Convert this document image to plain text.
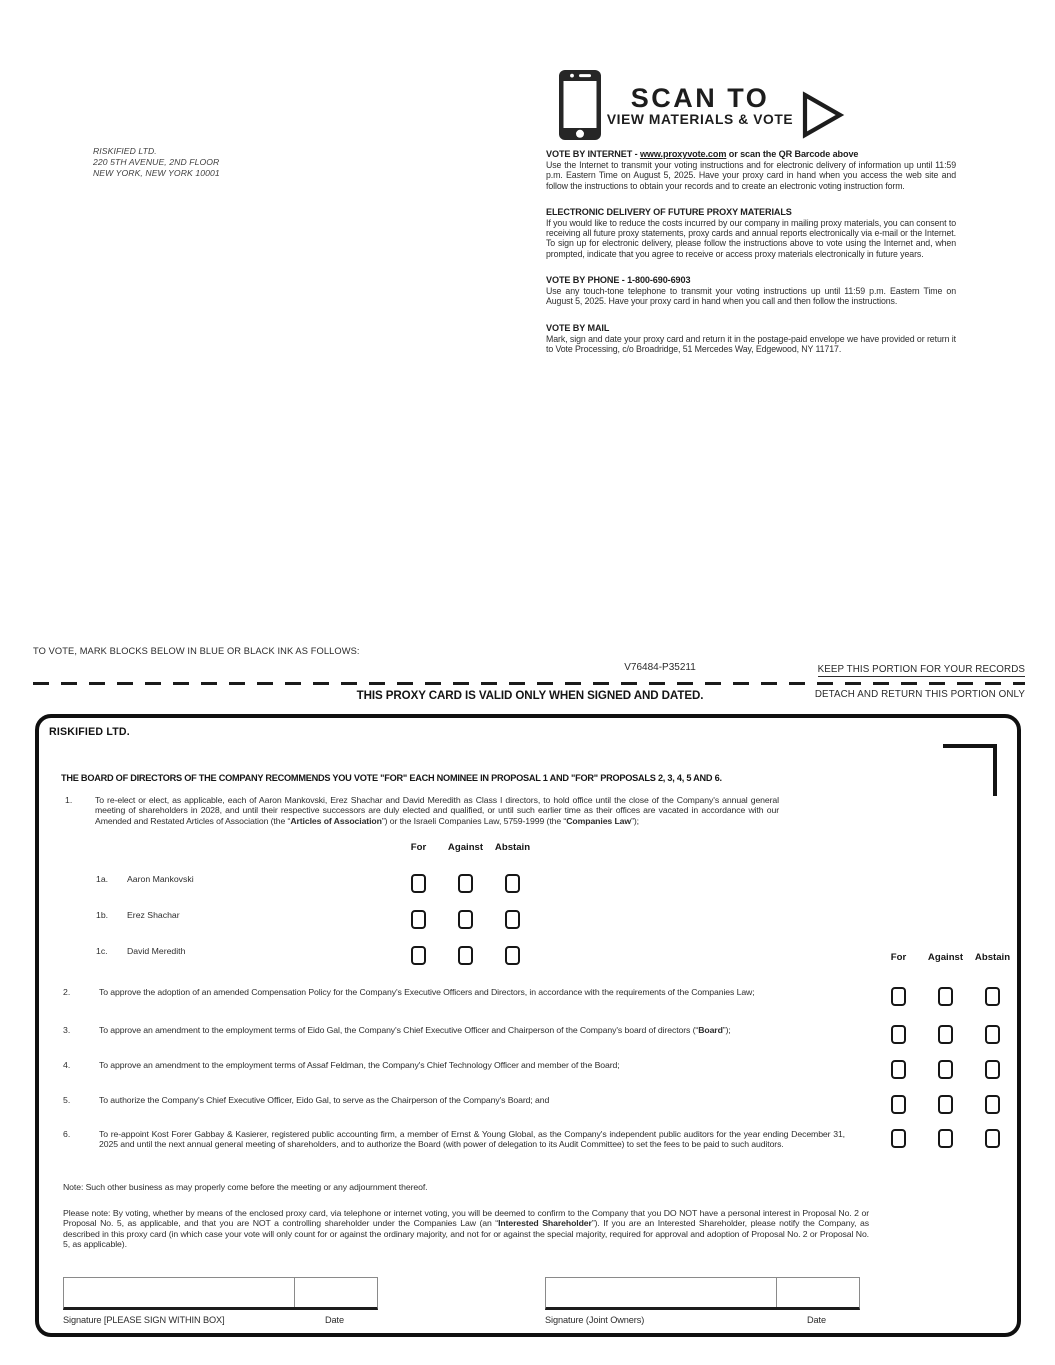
RISKIFIED LTD.
220 5TH AVENUE, 2ND FLOOR
NEW YORK, NEW YORK 10001
SCAN TO
VIEW MATERIALS & VOTE
VOTE BY INTERNET - www.proxyvote.com or scan the QR Barcode above

Use the Internet to transmit your voting instructions and for electronic delivery of information up until 11:59 p.m. Eastern Time on August 5, 2025. Have your proxy card in hand when you access the web site and follow the instructions to obtain your records and to create an electronic voting instruction form.

ELECTRONIC DELIVERY OF FUTURE PROXY MATERIALS

If you would like to reduce the costs incurred by our company in mailing proxy materials, you can consent to receiving all future proxy statements, proxy cards and annual reports electronically via e-mail or the Internet. To sign up for electronic delivery, please follow the instructions above to vote using the Internet and, when prompted, indicate that you agree to receive or access proxy materials electronically in future years.

VOTE BY PHONE - 1-800-690-6903

Use any touch-tone telephone to transmit your voting instructions up until 11:59 p.m. Eastern Time on August 5, 2025. Have your proxy card in hand when you call and then follow the instructions.

VOTE BY MAIL

Mark, sign and date your proxy card and return it in the postage-paid envelope we have provided or return it to Vote Processing, c/o Broadridge, 51 Mercedes Way, Edgewood, NY 11717.

TO VOTE, MARK BLOCKS BELOW IN BLUE OR BLACK INK AS FOLLOWS:
V76484-P35211	KEEP THIS PORTION FOR YOUR RECORDS
THIS PROXY CARD IS VALID ONLY WHEN SIGNED AND DATED.	DETACH AND RETURN THIS PORTION ONLY
RISKIFIED LTD.
THE BOARD OF DIRECTORS OF THE COMPANY RECOMMENDS YOU VOTE "FOR" EACH NOMINEE IN PROPOSAL 1 AND "FOR" PROPOSALS 2, 3, 4, 5 AND 6.
1.	To re-elect or elect, as applicable, each of Aaron Mankovski, Erez Shachar and David Meredith as Class I directors, to hold office until the close of the Company's annual general meeting of shareholders in 2028, and until their respective successors are duly elected and qualified, or until such earlier time as their offices are vacated in accordance with our Amended and Restated Articles of Association (the “Articles of Association”) or the Israeli Companies Law, 5759-1999 (the “Companies Law”);
For	Against	Abstain
1a.	Aaron Mankovski
1b.	Erez Shachar
1c.	David Meredith
For	Against	Abstain
2.	To approve the adoption of an amended Compensation Policy for the Company's Executive Officers and Directors, in accordance with the requirements of the Companies Law;
3.	To approve an amendment to the employment terms of Eido Gal, the Company's Chief Executive Officer and Chairperson of the Company's board of directors (“Board”);
4.	To approve an amendment to the employment terms of Assaf Feldman, the Company's Chief Technology Officer and member of the Board;
5.	To authorize the Company's Chief Executive Officer, Eido Gal, to serve as the Chairperson of the Company's Board; and
6.	To re-appoint Kost Forer Gabbay & Kasierer, registered public accounting firm, a member of Ernst & Young Global, as the Company's independent public auditors for the year ending December 31, 2025 and until the next annual general meeting of shareholders, and to authorize the Board (with power of delegation to its Audit Committee) to set the fees to be paid to such auditors.
Note: Such other business as may properly come before the meeting or any adjournment thereof.
Please note: By voting, whether by means of the enclosed proxy card, via telephone or internet voting, you will be deemed to confirm to the Company that you DO NOT have a personal interest in Proposal No. 2 or Proposal No. 5, as applicable, and that you are NOT a controlling shareholder under the Companies Law (an “Interested Shareholder”). If you are an Interested Shareholder, please notify the Company, as described in this proxy card (in which case your vote will only count for or against the ordinary majority, and not for or against the special majority, required for approval and adoption of Proposal No. 2 or Proposal No. 5, as applicable).
Signature [PLEASE SIGN WITHIN BOX]	Date	Signature (Joint Owners)	Date
